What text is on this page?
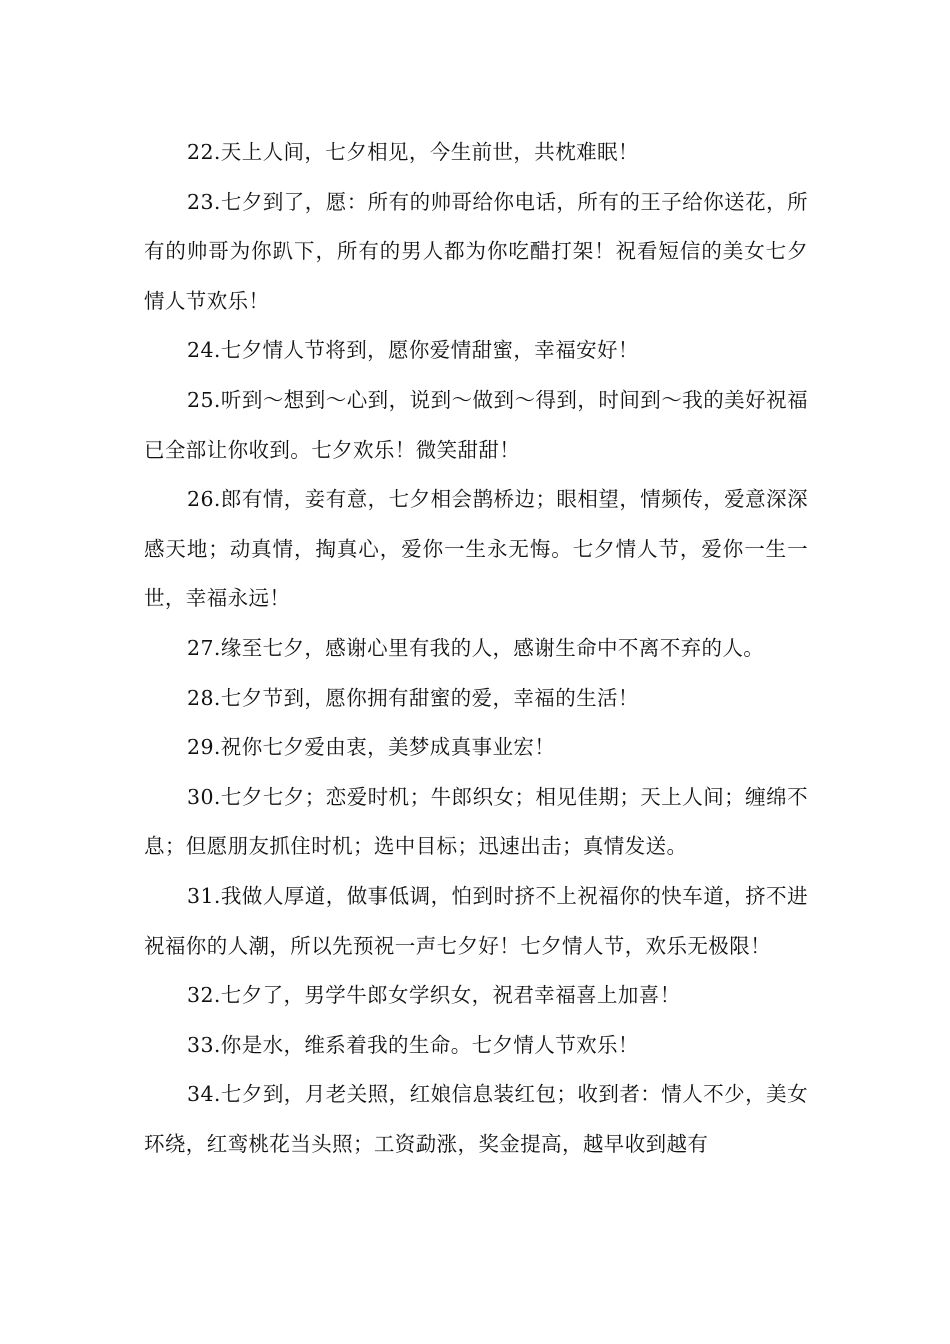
22.天上人间，七夕相见，今生前世，共枕难眠！

23.七夕到了，愿：所有的帅哥给你电话，所有的王子给你送花，所有的帅哥为你趴下，所有的男人都为你吃醋打架！祝看短信的美女七夕情人节欢乐！

24.七夕情人节将到，愿你爱情甜蜜，幸福安好！

25.听到～想到～心到，说到～做到～得到，时间到～我的美好祝福已全部让你收到。七夕欢乐！微笑甜甜！

26.郎有情，妾有意，七夕相会鹊桥边；眼相望，情频传，爱意深深感天地；动真情，掏真心，爱你一生永无悔。七夕情人节，爱你一生一世，幸福永远！

27.缘至七夕，感谢心里有我的人，感谢生命中不离不弃的人。

28.七夕节到，愿你拥有甜蜜的爱，幸福的生活！

29.祝你七夕爱由衷，美梦成真事业宏！

30.七夕七夕；恋爱时机；牛郎织女；相见佳期；天上人间；缠绵不息；但愿朋友抓住时机；选中目标；迅速出击；真情发送。

31.我做人厚道，做事低调，怕到时挤不上祝福你的快车道，挤不进祝福你的人潮，所以先预祝一声七夕好！七夕情人节，欢乐无极限！

32.七夕了，男学牛郎女学织女，祝君幸福喜上加喜！

33.你是水，维系着我的生命。七夕情人节欢乐！

34.七夕到，月老关照，红娘信息装红包；收到者：情人不少，美女环绕，红鸾桃花当头照；工资勐涨，奖金提高，越早收到越有
